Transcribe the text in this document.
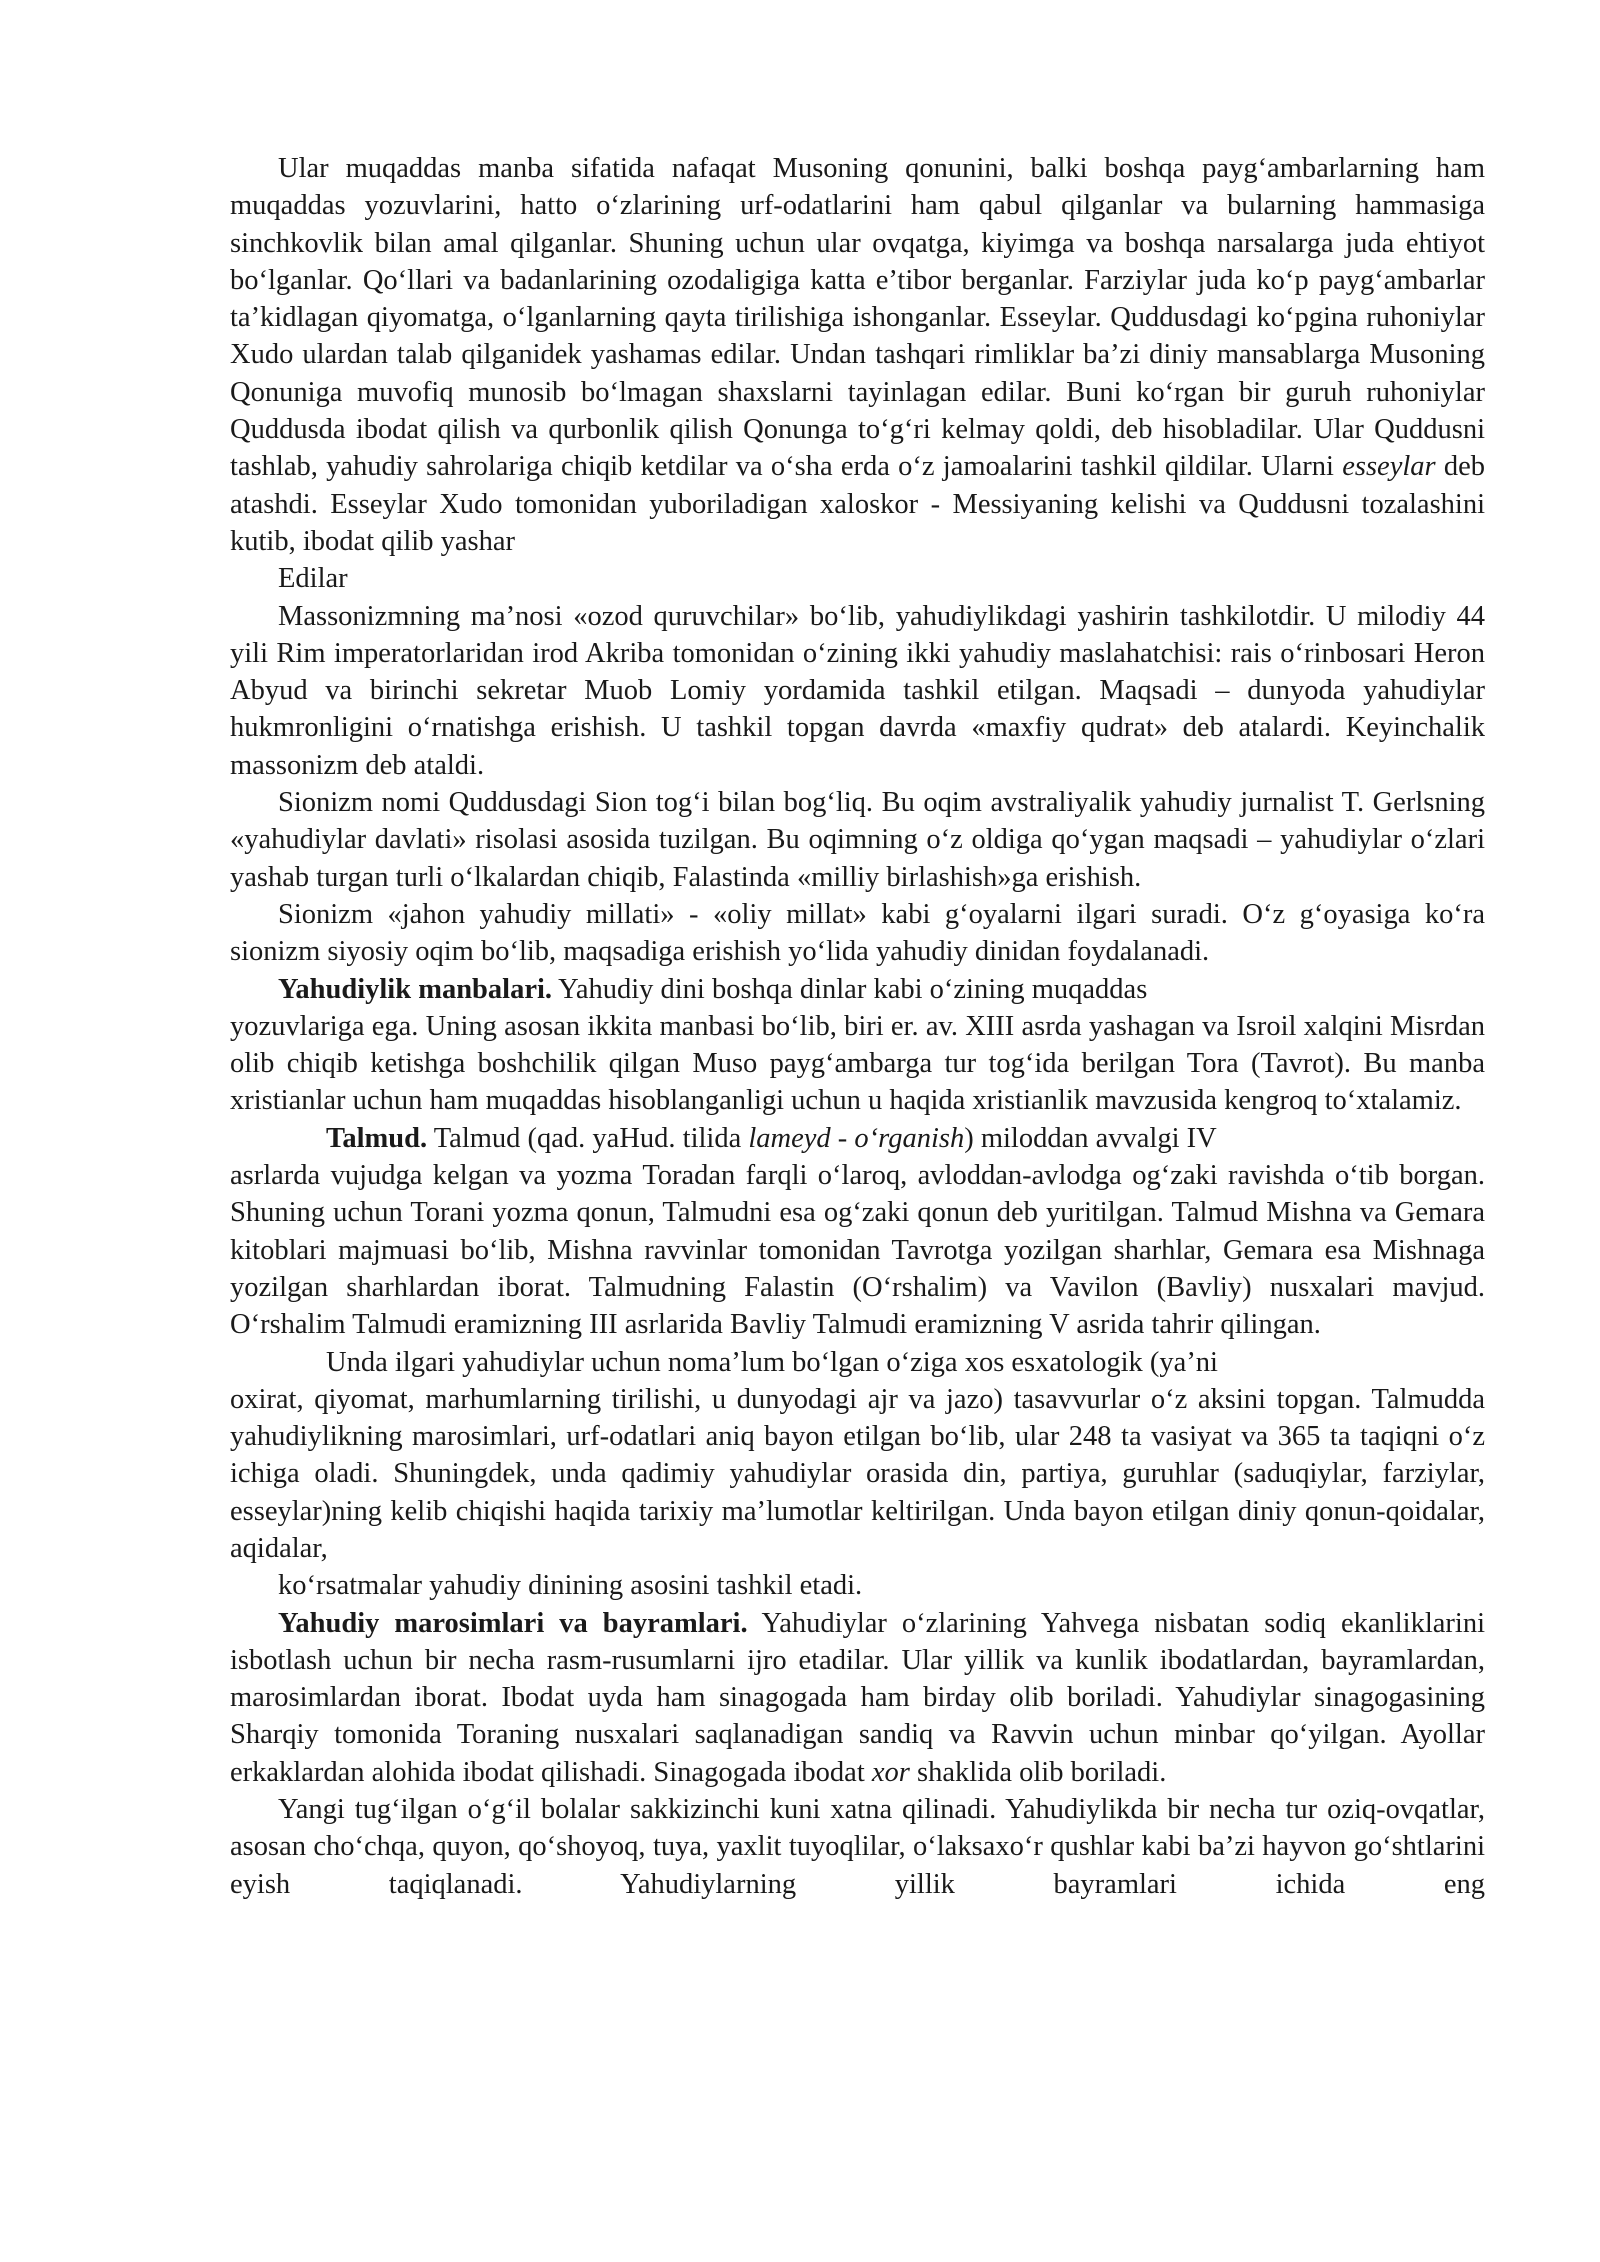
Ular muqaddas manba sifatida nafaqat Musoning qonunini, balki boshqa payg‘ambarlarning ham muqaddas yozuvlarini, hatto o‘zlarining urf-odatlarini ham qabul qilganlar va bularning hammasiga sinchkovlik bilan amal qilganlar. Shuning uchun ular ovqatga, kiyimga va boshqa narsalarga juda ehtiyot bo‘lganlar. Qo‘llari va badanlarining ozodaligiga katta e’tibor berganlar. Farziylar juda ko‘p payg‘ambarlar ta’kidlagan qiyomatga, o‘lganlarning qayta tirilishiga ishonganlar. Esseylar. Quddusdagi ko‘pgina ruhoniylar Xudo ulardan talab qilganidek yashamas edilar. Undan tashqari rimliklar ba’zi diniy mansablarga Musoning Qonuniga muvofiq munosib bo‘lmagan shaxslarni tayinlagan edilar. Buni ko‘rgan bir guruh ruhoniylar Quddusda ibodat qilish va qurbonlik qilish Qonunga to‘g‘ri kelmay qoldi, deb hisobladilar. Ular Quddusni tashlab, yahudiy sahrolariga chiqib ketdilar va o‘sha erda o‘z jamoalarini tashkil qildilar. Ularni esseylar deb atashdi. Esseylar Xudo tomonidan yuboriladigan xaloskor - Messiyaning kelishi va Quddusni tozalashini kutib, ibodat qilib yashar

Edilar

Massonizmning ma’nosi «ozod quruvchilar» bo‘lib, yahudiylikdagi yashirin tashkilotdir. U milodiy 44 yili Rim imperatorlaridan irod Akriba tomonidan o‘zining ikki yahudiy maslahatchisi: rais o‘rinbosari Heron Abyud va birinchi sekretar Muob Lomiy yordamida tashkil etilgan. Maqsadi – dunyoda yahudiylar hukmronligini o‘rnatishga erishish. U tashkil topgan davrda «maxfiy qudrat» deb atalardi. Keyinchalik massonizm deb ataldi.

Sionizm nomi Quddusdagi Sion tog‘i bilan bog‘liq. Bu oqim avstraliyalik yahudiy jurnalist T. Gerlsning «yahudiylar davlati» risolasi asosida tuzilgan. Bu oqimning o‘z oldiga qo‘ygan maqsadi – yahudiylar o‘zlari yashab turgan turli o‘lkalardan chiqib, Falastinda «milliy birlashish»ga erishish.

Sionizm «jahon yahudiy millati» - «oliy millat» kabi g‘oyalarni ilgari suradi. O‘z g‘oyasiga ko‘ra sionizm siyosiy oqim bo‘lib, maqsadiga erishish yo‘lida yahudiy dinidan foydalanadi.

Yahudiylik manbalari. Yahudiy dini boshqa dinlar kabi o‘zining muqaddas
yozuvlariga ega. Uning asosan ikkita manbasi bo‘lib, biri er. av. XIII asrda yashagan va Isroil xalqini Misrdan olib chiqib ketishga boshchilik qilgan Muso payg‘ambarga tur tog‘ida berilgan Tora (Tavrot). Bu manba xristianlar uchun ham muqaddas hisoblanganligi uchun u haqida xristianlik mavzusida kengroq to‘xtalamiz.

Talmud. Talmud (qad. yaHud. tilida lameyd - o‘rganish) miloddan avvalgi IV
asrlarda vujudga kelgan va yozma Toradan farqli o‘laroq, avloddan-avlodga og‘zaki ravishda o‘tib borgan. Shuning uchun Torani yozma qonun, Talmudni esa og‘zaki qonun deb yuritilgan. Talmud Mishna va Gemara kitoblari majmuasi bo‘lib, Mishna ravvinlar tomonidan Tavrotga yozilgan sharhlar, Gemara esa Mishnaga yozilgan sharhlardan iborat. Talmudning Falastin (O‘rshalim) va Vavilon (Bavliy) nusxalari mavjud. O‘rshalim Talmudi eramizning III asrlarida Bavliy Talmudi eramizning V asrida tahrir qilingan.

Unda ilgari yahudiylar uchun noma’lum bo‘lgan o‘ziga xos esxatologik (ya’ni
oxirat, qiyomat, marhumlarning tirilishi, u dunyodagi ajr va jazo) tasavvurlar o‘z aksini topgan. Talmudda yahudiylikning marosimlari, urf-odatlari aniq bayon etilgan bo‘lib, ular 248 ta vasiyat va 365 ta taqiqni o‘z ichiga oladi. Shuningdek, unda qadimiy yahudiylar orasida din, partiya, guruhlar (saduqiylar, farziylar, esseylar)ning kelib chiqishi haqida tarixiy ma’lumotlar keltirilgan. Unda bayon etilgan diniy qonun-qoidalar, aqidalar,

ko‘rsatmalar yahudiy dinining asosini tashkil etadi.

Yahudiy marosimlari va bayramlari. Yahudiylar o‘zlarining Yahvega nisbatan sodiq ekanliklarini isbotlash uchun bir necha rasm-rusumlarni ijro etadilar. Ular yillik va kunlik ibodatlardan, bayramlardan, marosimlardan iborat. Ibodat uyda ham sinagogada ham birday olib boriladi. Yahudiylar sinagogasining Sharqiy tomonida Toraning nusxalari saqlanadigan sandiq va Ravvin uchun minbar qo‘yilgan. Ayollar erkaklardan alohida ibodat qilishadi. Sinagogada ibodat xor shaklida olib boriladi.

Yangi tug‘ilgan o‘g‘il bolalar sakkizinchi kuni xatna qilinadi. Yahudiylikda bir necha tur oziq-ovqatlar, asosan cho‘chqa, quyon, qo‘shoyoq, tuya, yaxlit tuyoqlilar, o‘laksaxo‘r qushlar kabi ba’zi hayvon go‘shtlarini eyish taqiqlanadi. Yahudiylarning yillik bayramlari ichida eng
